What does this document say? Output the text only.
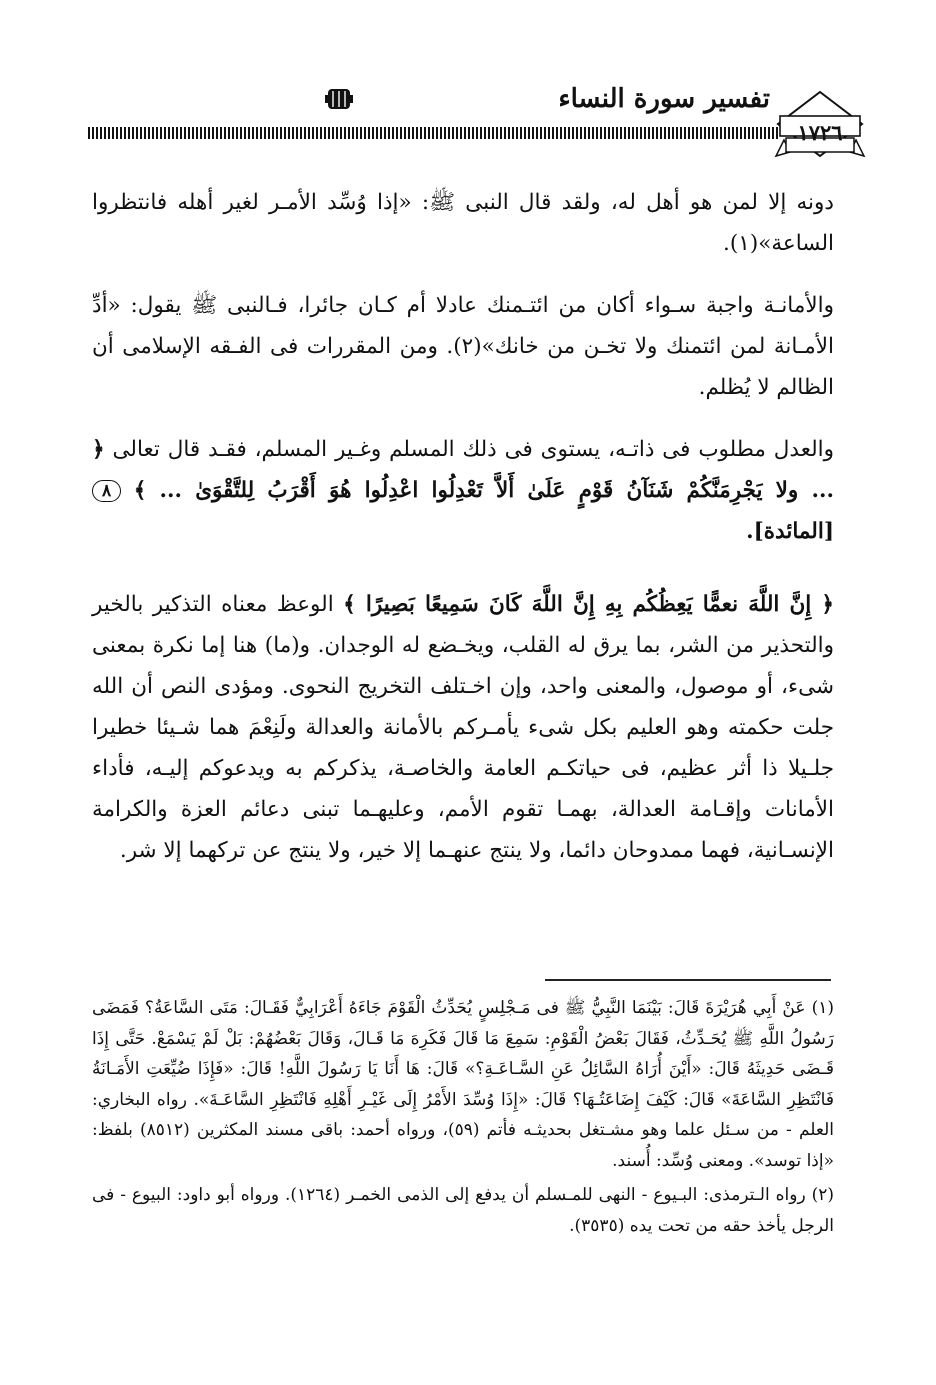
تفسير سورة النساء
١٧٢٦

دونه إلا لمن هو أهل له، ولقد قال النبى ﷺ: «إذا وُسِّد الأمـر لغير أهله فانتظروا الساعة»(١).

والأمانـة واجبة سـواء أكان من ائتـمنك عادلا أم كـان جائرا، فـالنبى ﷺ يقول: «أدِّ الأمـانة لمن ائتمنك ولا تخـن من خانك»(٢). ومن المقررات فى الفـقه الإسلامى أن الظالم لا يُظلم.

والعدل مطلوب فى ذاتـه، يستوى فى ذلك المسلم وغـير المسلم، فقـد قال تعالى ﴿ ... ولا يَجْرِمَنَّكُمْ شَنَآنُ قَوْمٍ عَلَىٰ أَلاَّ تَعْدِلُوا اعْدِلُوا هُوَ أَقْرَبُ لِلتَّقْوَىٰ ... ﴾ ٨ [المائدة].

﴿ إِنَّ اللَّهَ نعمًّا يَعِظُكُم بِهِ إِنَّ اللَّهَ كَانَ سَمِيعًا بَصِيرًا ﴾ الوعظ معناه التذكير بالخير والتحذير من الشر، بما يرق له القلب، ويخـضع له الوجدان. و(ما) هنا إما نكرة بمعنى شىء، أو موصول، والمعنى واحد، وإن اخـتلف التخريج النحوى. ومؤدى النص أن الله جلت حكمته وهو العليم بكل شىء يأمـركم بالأمانة والعدالة ولَنِعْمَ هما شـيئا خطيرا جلـيلا ذا أثر عظيم، فى حياتكـم العامة والخاصـة، يذكركم به ويدعوكم إليـه، فأداء الأمانات وإقـامة العدالة، بهمـا تقوم الأمم، وعليهـما تبنى دعائم العزة والكرامة الإنسـانية، فهما ممدوحان دائما، ولا ينتج عنهـما إلا خير، ولا ينتج عن تركهما إلا شر.

(١) عَنْ أَبِي هُرَيْرَةَ قَالَ: بَيْنَمَا النَّبِيُّ ﷺ فى مَـجْلِسٍ يُحَدِّثُ الْقَوْمَ جَاءَهُ أَعْرَابِيٌّ فَقَـالَ: مَتَى السَّاعَةُ؟ فَمَضَى رَسُولُ اللَّهِ ﷺ يُحَـدِّثُ، فَقَالَ بَعْضُ الْقَوْمِ: سَمِعَ مَا قَالَ فَكَرِهَ مَا قَـالَ، وَقَالَ بَعْضُهُمْ: بَلْ لَمْ يَسْمَعْ. حَتَّى إِذَا قَـضَى حَدِيثَهُ قَالَ: «أَيْنَ أُرَاهُ السَّائِلُ عَنِ السَّـاعَـةِ؟» قَالَ: هَا أَنَا يَا رَسُولَ اللَّهِ! قَالَ: «فَإِذَا ضُيِّعَتِ الأَمَـانَةُ فَانْتَظِرِ السَّاعَةَ» قَالَ: كَيْفَ إِضَاعَتُـهَا؟ قَالَ: «إِذَا وُسِّدَ الأَمْرُ إِلَى غَيْـرِ أَهْلِهِ فَانْتَظِرِ السَّاعَـةَ». رواه البخاري: العلم - من سـئل علما وهو مشـتغل بحديثـه فأتم (٥٩)، ورواه أحمد: باقى مسند المكثرين (٨٥١٢) بلفظ: «إذا توسد». ومعنى وُسِّد: أُسند.

(٢) رواه الـترمذى: البـيوع - النهى للمـسلم أن يدفع إلى الذمى الخمـر (١٢٦٤). ورواه أبو داود: البيوع - فى الرجل يأخذ حقه من تحت يده (٣٥٣٥).
